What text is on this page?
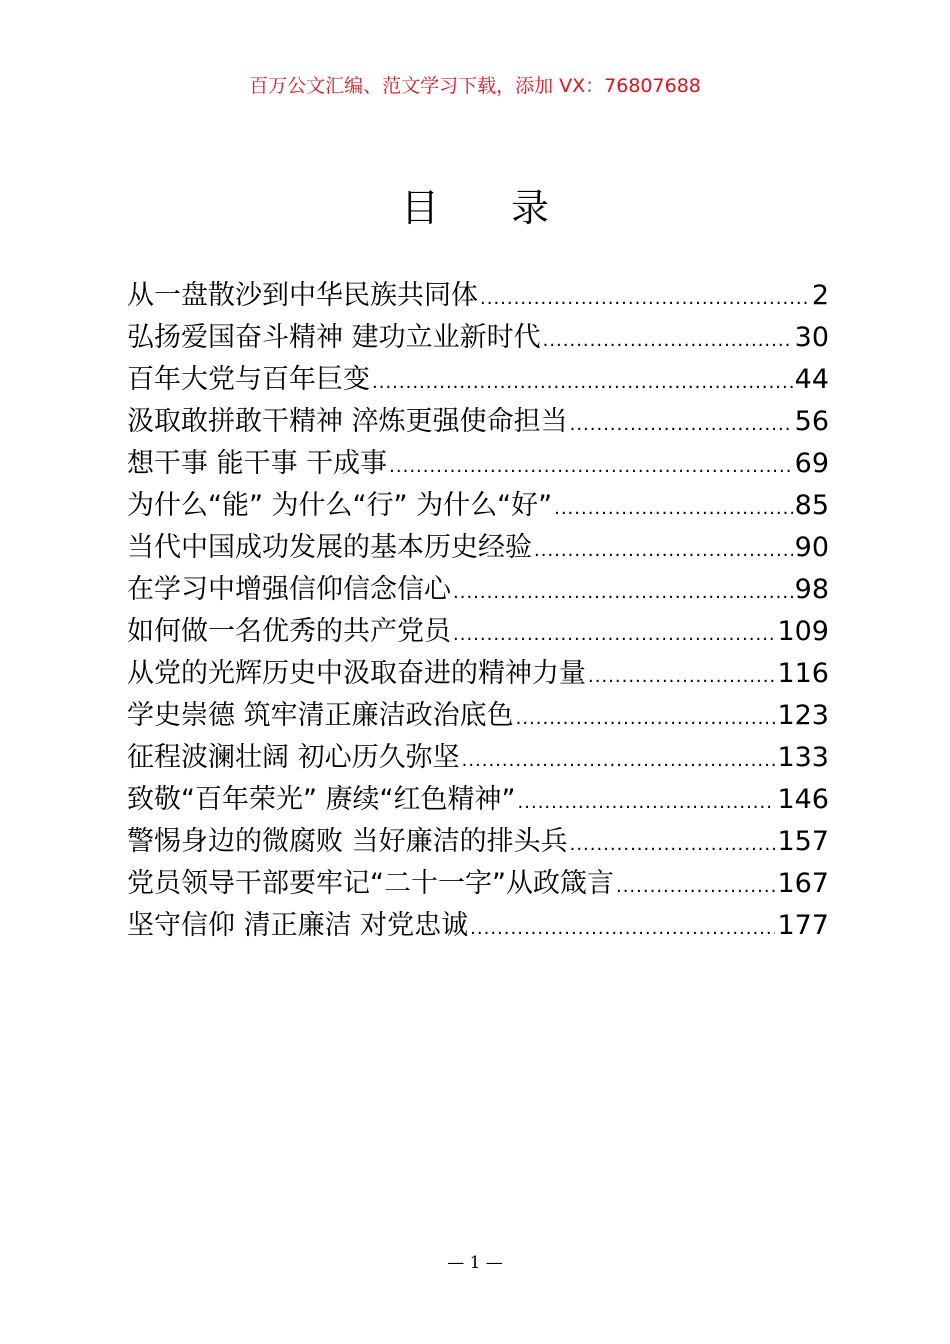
百万公文汇编、范文学习下载，添加 VX：76807688
目 录
从一盘散沙到中华民族共同体 .....	2
弘扬爱国奋斗精神 建功立业新时代 .....	30
百年大党与百年巨变 .....	44
汲取敢拼敢干精神 淬炼更强使命担当 .....	56
想干事 能干事 干成事 .....	69
为什么“能” 为什么“行” 为什么“好” .....	85
当代中国成功发展的基本历史经验 .....	90
在学习中增强信仰信念信心 .....	98
如何做一名优秀的共产党员 .....	109
从党的光辉历史中汲取奋进的精神力量 .....	116
学史崇德 筑牢清正廉洁政治底色 .....	123
征程波澜壮阔 初心历久弥坚 .....	133
致敬“百年荣光” 赓续“红色精神” .....	146
警惕身边的微腐败 当好廉洁的排头兵 .....	157
党员领导干部要牢记“二十一字”从政箴言 .....	167
坚守信仰 清正廉洁 对党忠诚 .....	177
— 1 —
